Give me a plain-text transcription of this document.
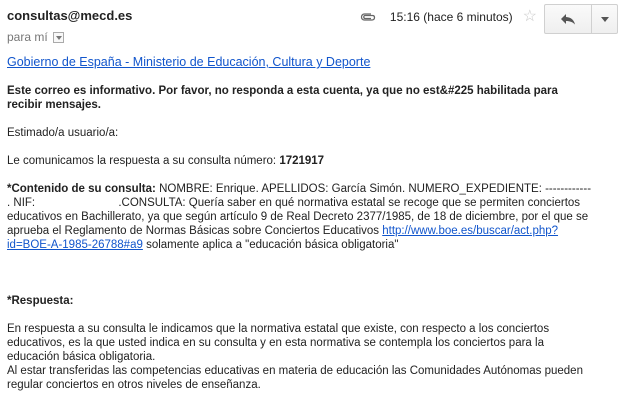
consultas@mecd.es
para mí
15:16 (hace 6 minutos) ☆

Gobierno de España - Ministerio de Educación, Cultura y Deporte

Este correo es informativo. Por favor, no responda a esta cuenta, ya que no est&#225 habilitada para recibir mensajes.

Estimado/a usuario/a:

Le comunicamos la respuesta a su consulta número: 1721917

*Contenido de su consulta: NOMBRE: Enrique. APELLIDOS: García Simón. NUMERO_EXPEDIENTE: ------------ . NIF:	.CONSULTA: Quería saber en qué normativa estatal se recoge que se permiten conciertos educativos en Bachillerato, ya que según artículo 9 de Real Decreto 2377/1985, de 18 de diciembre, por el que se aprueba el Reglamento de Normas Básicas sobre Conciertos Educativos http://www.boe.es/buscar/act.php?id=BOE-A-1985-26788#a9 solamente aplica a "educación básica obligatoria"

*Respuesta:

En respuesta a su consulta le indicamos que la normativa estatal que existe, con respecto a los conciertos educativos, es la que usted indica en su consulta y en esta normativa se contempla los conciertos para la educación básica obligatoria.

Al estar transferidas las competencias educativas en materia de educación las Comunidades Autónomas pueden regular conciertos en otros niveles de enseñanza.
